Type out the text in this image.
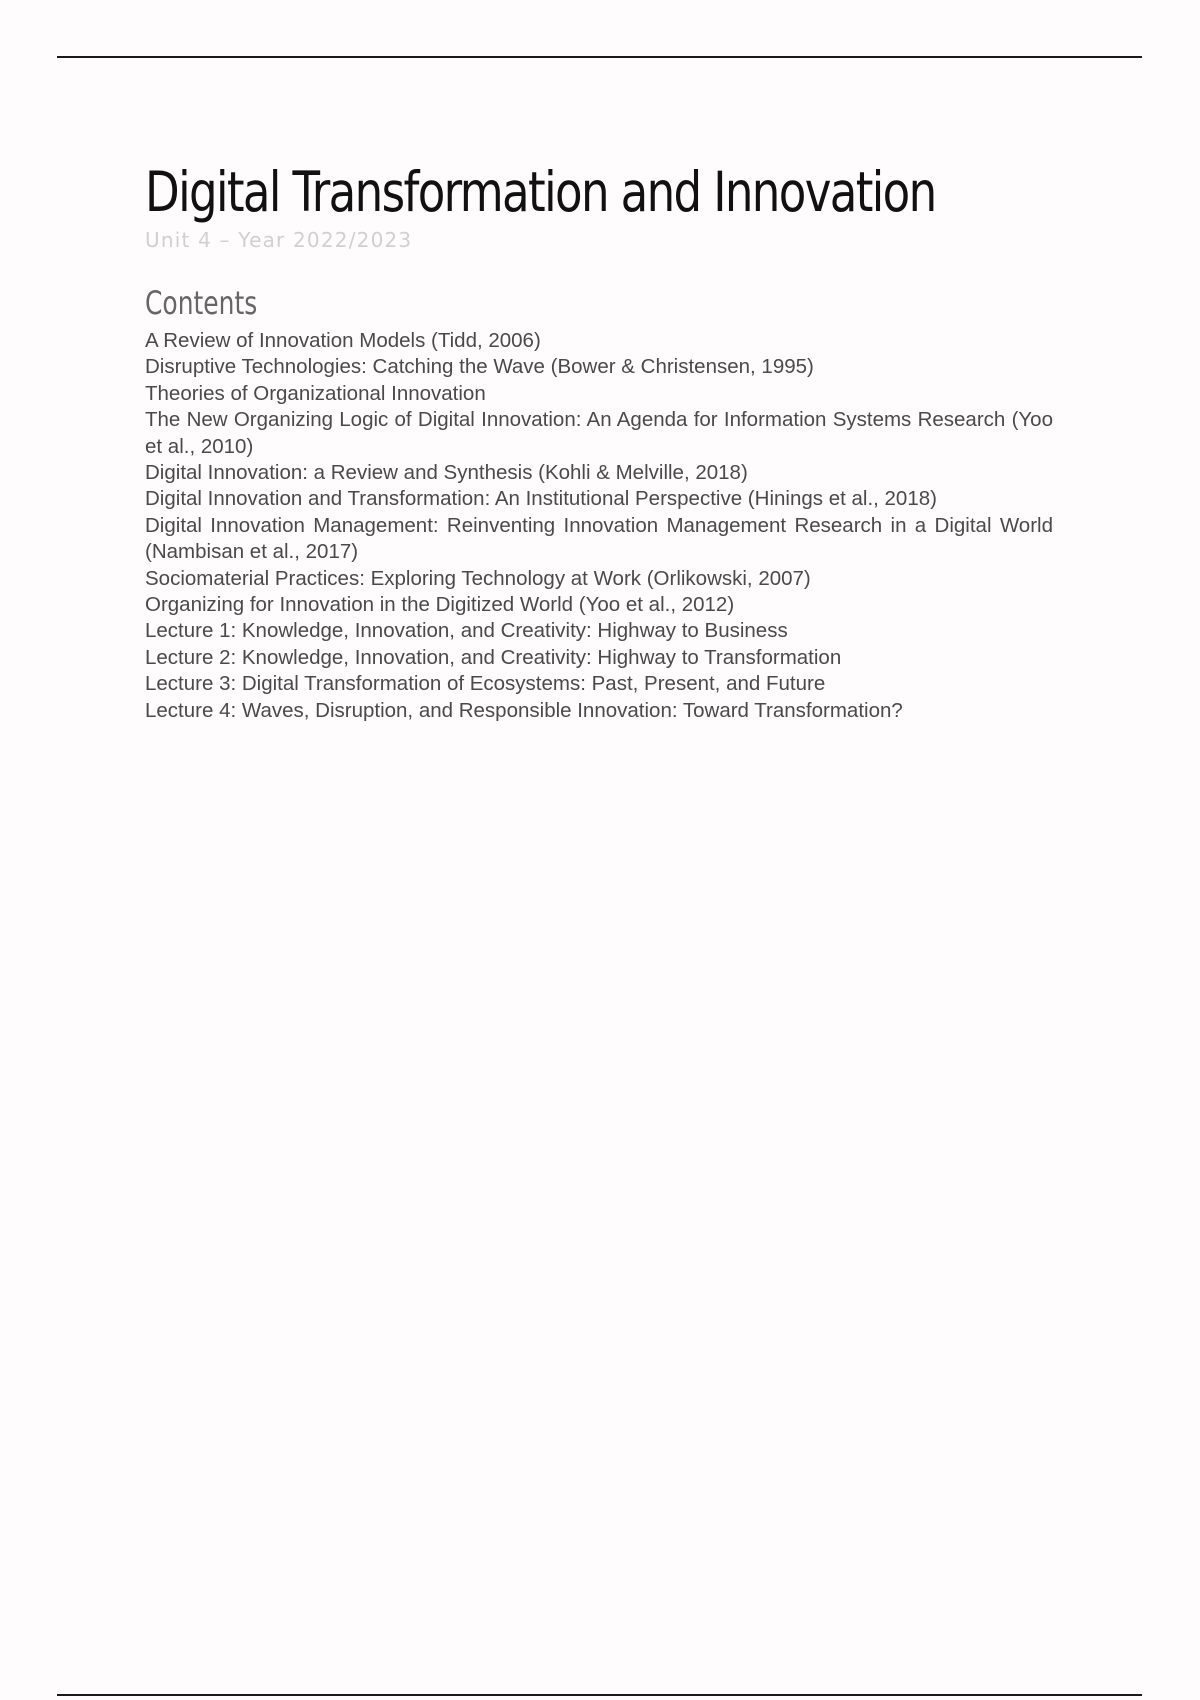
Digital Transformation and Innovation
Unit 4 – Year 2022/2023
Contents
A Review of Innovation Models (Tidd, 2006)
Disruptive Technologies: Catching the Wave (Bower & Christensen, 1995)
Theories of Organizational Innovation
The New Organizing Logic of Digital Innovation: An Agenda for Information Systems Research (Yoo et al., 2010)
Digital Innovation: a Review and Synthesis (Kohli & Melville, 2018)
Digital Innovation and Transformation: An Institutional Perspective (Hinings et al., 2018)
Digital Innovation Management: Reinventing Innovation Management Research in a Digital World (Nambisan et al., 2017)
Sociomaterial Practices: Exploring Technology at Work (Orlikowski, 2007)
Organizing for Innovation in the Digitized World (Yoo et al., 2012)
Lecture 1: Knowledge, Innovation, and Creativity: Highway to Business
Lecture 2: Knowledge, Innovation, and Creativity: Highway to Transformation
Lecture 3: Digital Transformation of Ecosystems: Past, Present, and Future
Lecture 4: Waves, Disruption, and Responsible Innovation: Toward Transformation?
